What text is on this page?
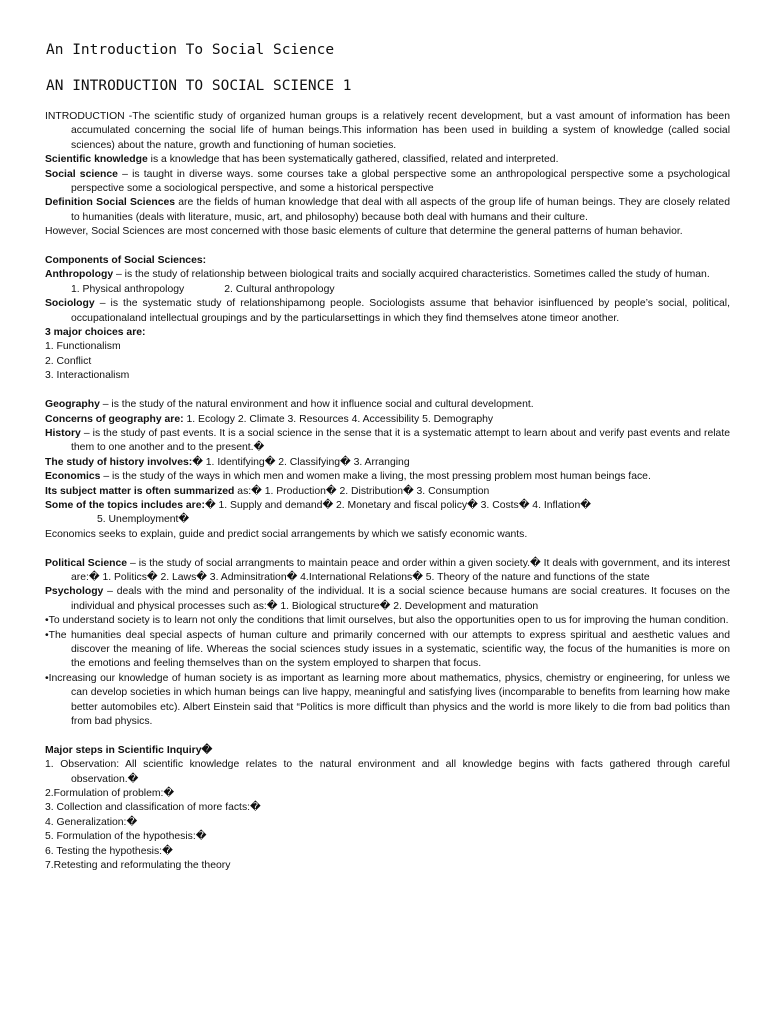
An Introduction To Social Science
AN INTRODUCTION TO SOCIAL SCIENCE 1

INTRODUCTION -The scientific study of organized human groups is a relatively recent development, but a vast amount of information has been accumulated concerning the social life of human beings.This information has been used in building a system of knowledge (called social sciences) about the nature, growth and functioning of human societies.

Scientific knowledge is a knowledge that has been systematically gathered, classified, related and interpreted.

Social science – is taught in diverse ways. some courses take a global perspective some an anthropological perspective some a psychological perspective some a sociological perspective, and some a historical perspective

Definition Social Sciences are the fields of human knowledge that deal with all aspects of the group life of human beings. They are closely related to humanities (deals with literature, music, art, and philosophy) because both deal with humans and their culture.

However, Social Sciences are most concerned with those basic elements of culture that determine the general patterns of human behavior.

Components of Social Sciences:

Anthropology – is the study of relationship between biological traits and socially acquired characteristics. Sometimes called the study of human.

1. Physical anthropology	2. Cultural anthropology

Sociology – is the systematic study of relationshipamong people. Sociologists assume that behavior isinfluenced by people’s social, political, occupationaland intellectual groupings and by the particularsettings in which they find themselves atone timeor another.

3 major choices are:

1. Functionalism

2. Conflict

3. Interactionalism

Geography – is the study of the natural environment and how it influence social and cultural development.

Concerns of geography are: 1. Ecology 2. Climate 3. Resources 4. Accessibility 5. Demography

History – is the study of past events. It is a social science in the sense that it is a systematic attempt to learn about and verify past events and relate them to one another and to the present.�

The study of history involves:� 1. Identifying� 2. Classifying� 3. Arranging

Economics – is the study of the ways in which men and women make a living, the most pressing problem most human beings face.

Its subject matter is often summarized as:� 1. Production� 2. Distribution� 3. Consumption

Some of the topics includes are:� 1. Supply and demand� 2. Monetary and fiscal policy� 3. Costs� 4. Inflation�

5. Unemployment�

Economics seeks to explain, guide and predict social arrangements by which we satisfy economic wants.

Political Science – is the study of social arrangments to maintain peace and order within a given society.� It deals with government, and its interest are:� 1. Politics� 2. Laws� 3. Adminsitration� 4.International Relations� 5. Theory of the nature and functions of the state

Psychology – deals with the mind and personality of the individual. It is a social science because humans are social creatures. It focuses on the individual and physical processes such as:� 1. Biological structure� 2. Development and maturation

•To understand society is to learn not only the conditions that limit ourselves, but also the opportunities open to us for improving the human condition.

•The humanities deal special aspects of human culture and primarily concerned with our attempts to express spiritual and aesthetic values and discover the meaning of life. Whereas the social sciences study issues in a systematic, scientific way, the focus of the humanities is more on the emotions and feeling themselves than on the system employed to sharpen that focus.

•Increasing our knowledge of human society is as important as learning more about mathematics, physics, chemistry or engineering, for unless we can develop societies in which human beings can live happy, meaningful and satisfying lives (incomparable to benefits from learning how make better automobiles etc). Albert Einstein said that “Politics is more difficult than physics and the world is more likely to die from bad politics than from bad physics.

Major steps in Scientific Inquiry�

1. Observation: All scientific knowledge relates to the natural environment and all knowledge begins with facts gathered through careful observation.�

2.Formulation of problem:�

3. Collection and classification of more facts:�

4. Generalization:�

5. Formulation of the hypothesis:�

6. Testing the hypothesis:�

7.Retesting and reformulating the theory
